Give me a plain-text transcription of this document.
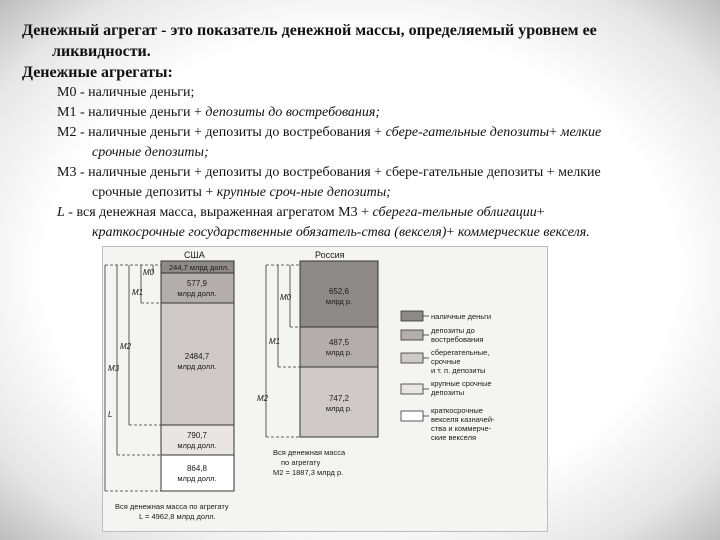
Денежный агрегат - это показатель денежной массы, определяемый уровнем ее
ликвидности.
Денежные агрегаты:
М0 - наличные деньги;
М1 - наличные деньги + депозиты до востребования;
М2 - наличные деньги + депозиты до востребования + сбере-гательные депозиты+ мелкие
срочные депозиты;
М3 - наличные деньги + депозиты до востребования + сбере-гательные депозиты + мелкие
срочные депозиты + крупные сроч-ные депозиты;
L - вся денежная масса, выраженная агрегатом М3 + сберега-тельные облигации+
краткосрочные государственные обязатель-ства (векселя)+ коммерческие векселя.
США
244,7 млрд долл.
577,9
млрд долл.
2484,7
млрд долл.
790,7
млрд долл.
864,8
млрд долл.
M0
M1
M2
M3
L
Вся денежная масса по агрегату
L = 4962,8 млрд долл.
Россия
652,6
млрд р.
487,5
млрд р.
747,2
млрд р.
M0
M1
M2
Вся денежная масса
по агрегату
M2 = 1887,3 млрд р.
наличные деньги
депозиты до
востребования
сберегательные,
срочные
и т. п. депозиты
крупные срочные
депозиты
краткосрочные
векселя казначей-
ства и коммерче-
ские векселя
